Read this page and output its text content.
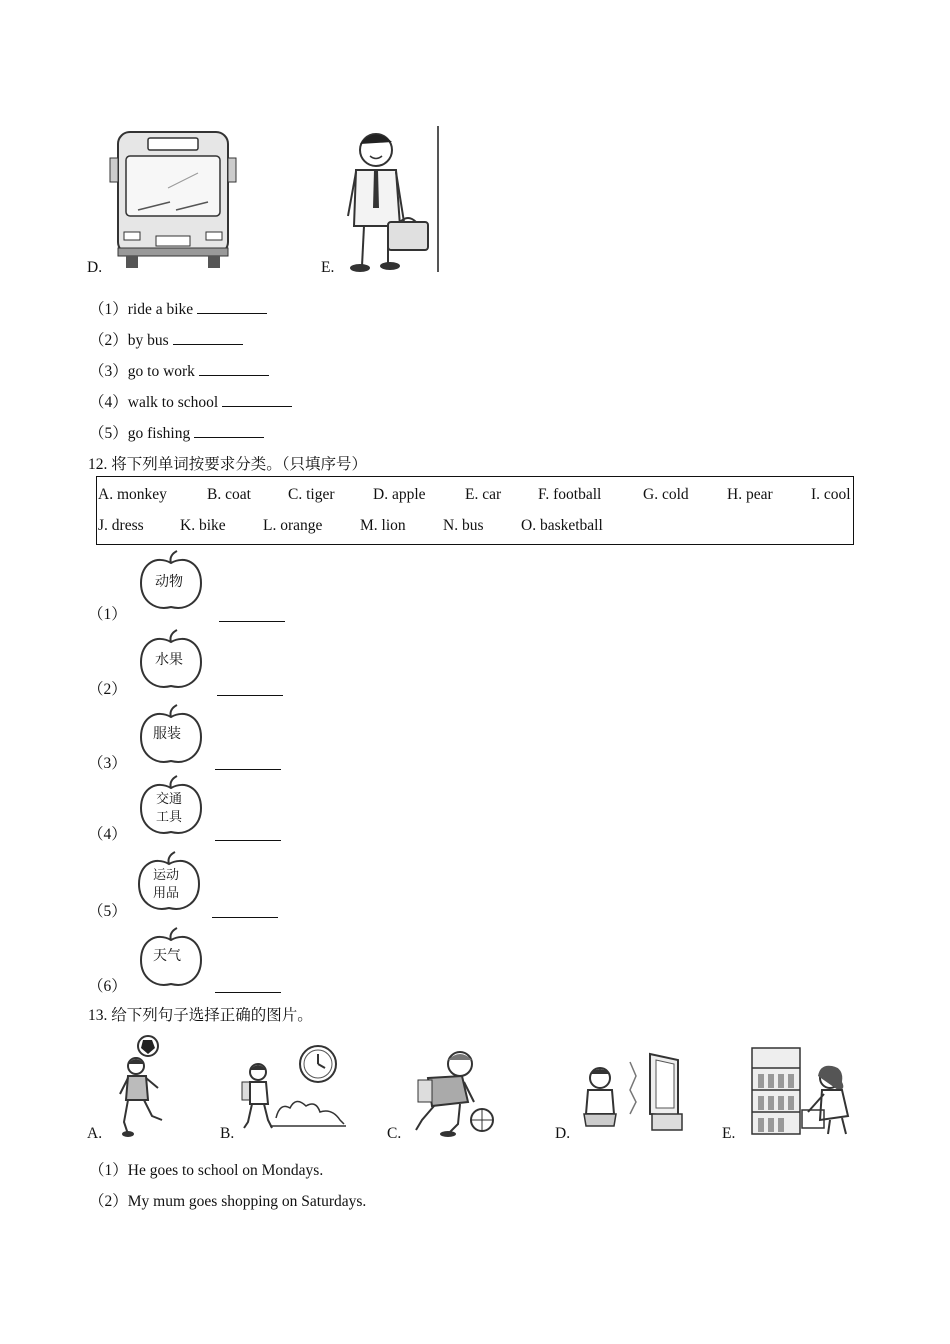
D.	E.
（1）ride a bike
（2）by bus
（3）go to work
（4）walk to school
（5）go fishing
12. 将下列单词按要求分类。（只填序号）
A. monkey	B. coat C. tiger D. apple	E. car F. football	G. cold H. pear I. cool
J. dress K. bike L. orange M. lion N. bus O. basketball
（1）
动物
（2）
水果
（3）
服装
（4）
交通
工具
（5）
运动
用品
（6）
天气
13. 给下列句子选择正确的图片。
A.	B.	C.	D.	E.
（1）He goes to school on Mondays.
（2）My mum goes shopping on Saturdays.
